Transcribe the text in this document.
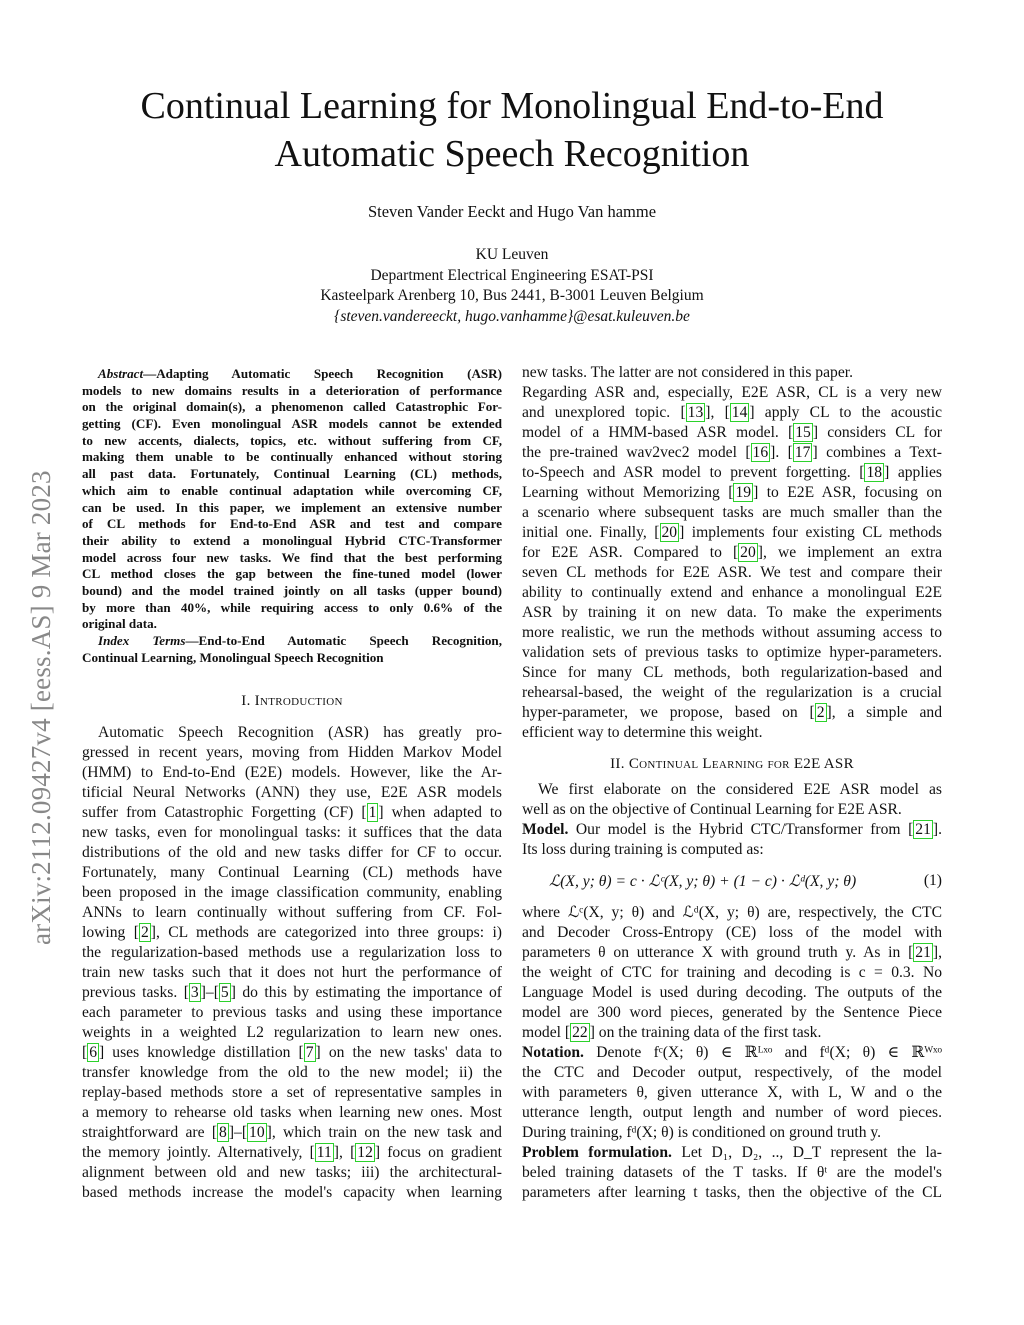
Continual Learning for Monolingual End-to-End
Automatic Speech Recognition
Steven Vander Eeckt and Hugo Van hamme
KU Leuven
Department Electrical Engineering ESAT-PSI
Kasteelpark Arenberg 10, Bus 2441, B-3001 Leuven Belgium
{steven.vandereeckt, hugo.vanhamme}@esat.kuleuven.be
arXiv:2112.09427v4 [eess.AS] 9 Mar 2023
Abstract—Adapting Automatic Speech Recognition (ASR)
models to new domains results in a deterioration of performance
on the original domain(s), a phenomenon called Catastrophic For-
getting (CF). Even monolingual ASR models cannot be extended
to new accents, dialects, topics, etc. without suffering from CF,
making them unable to be continually enhanced without storing
all past data. Fortunately, Continual Learning (CL) methods,
which aim to enable continual adaptation while overcoming CF,
can be used. In this paper, we implement an extensive number
of CL methods for End-to-End ASR and test and compare
their ability to extend a monolingual Hybrid CTC-Transformer
model across four new tasks. We find that the best performing
CL method closes the gap between the fine-tuned model (lower
bound) and the model trained jointly on all tasks (upper bound)
by more than 40%, while requiring access to only 0.6% of the
original data.
Index Terms—End-to-End Automatic Speech Recognition,
Continual Learning, Monolingual Speech Recognition
I. Introduction
Automatic Speech Recognition (ASR) has greatly pro-
gressed in recent years, moving from Hidden Markov Model
(HMM) to End-to-End (E2E) models. However, like the Ar-
tificial Neural Networks (ANN) they use, E2E ASR models
suffer from Catastrophic Forgetting (CF) [ 1 ] when adapted to
new tasks, even for monolingual tasks: it suffices that the data
distributions of the old and new tasks differ for CF to occur.
Fortunately, many Continual Learning (CL) methods have
been proposed in the image classification community, enabling
ANNs to learn continually without suffering from CF. Fol-
lowing [ 2 ], CL methods are categorized into three groups: i)
the regularization-based methods use a regularization loss to
train new tasks such that it does not hurt the performance of
previous tasks. [ 3 ]–[ 5 ] do this by estimating the importance of
each parameter to previous tasks and using these importance
weights in a weighted L2 regularization to learn new ones.
[ 6 ] uses knowledge distillation [ 7 ] on the new tasks' data to
transfer knowledge from the old to the new model; ii) the
replay-based methods store a set of representative samples in
a memory to rehearse old tasks when learning new ones. Most
straightforward are [ 8 ]–[ 10 ], which train on the new task and
the memory jointly. Alternatively, [ 11 ], [ 12 ] focus on gradient
alignment between old and new tasks; iii) the architectural-
based methods increase the model's capacity when learning
new tasks. The latter are not considered in this paper.
Regarding ASR and, especially, E2E ASR, CL is a very new
and unexplored topic. [ 13 ], [ 14 ] apply CL to the acoustic
model of a HMM-based ASR model. [ 15 ] considers CL for
the pre-trained wav2vec2 model [ 16 ]. [ 17 ] combines a Text-
to-Speech and ASR model to prevent forgetting. [ 18 ] applies
Learning without Memorizing [ 19 ] to E2E ASR, focusing on
a scenario where subsequent tasks are much smaller than the
initial one. Finally, [ 20 ] implements four existing CL methods
for E2E ASR. Compared to [ 20 ], we implement an extra
seven CL methods for E2E ASR. We test and compare their
ability to continually extend and enhance a monolingual E2E
ASR by training it on new data. To make the experiments
more realistic, we run the methods without assuming access to
validation sets of previous tasks to optimize hyper-parameters.
Since for many CL methods, both regularization-based and
rehearsal-based, the weight of the regularization is a crucial
hyper-parameter, we propose, based on [ 2 ], a simple and
efficient way to determine this weight.
II. Continual Learning for E2E ASR
We first elaborate on the considered E2E ASR model as
well as on the objective of Continual Learning for E2E ASR.
Model. Our model is the Hybrid CTC/Transformer from [ 21 ].
Its loss during training is computed as:
ℒ(X, y; θ) = c · ℒᶜ(X, y; θ) + (1 − c) · ℒᵈ(X, y; θ)	(1)
where ℒᶜ(X, y; θ) and ℒᵈ(X, y; θ) are, respectively, the CTC
and Decoder Cross-Entropy (CE) loss of the model with
parameters θ on utterance X with ground truth y. As in [ 21 ],
the weight of CTC for training and decoding is c = 0.3. No
Language Model is used during decoding. The outputs of the
model are 300 word pieces, generated by the Sentence Piece
model [ 22 ] on the training data of the first task.
Notation. Denote fᶜ(X; θ) ∈ ℝᴸˣᵒ and fᵈ(X; θ) ∈ ℝᵂˣᵒ
the CTC and Decoder output, respectively, of the model
with parameters θ, given utterance X, with L, W and o the
utterance length, output length and number of word pieces.
During training, fᵈ(X; θ) is conditioned on ground truth y.
Problem formulation. Let D₁, D₂, .., D_T represent the la-
beled training datasets of the T tasks. If θᵗ are the model's
parameters after learning t tasks, then the objective of the CL
